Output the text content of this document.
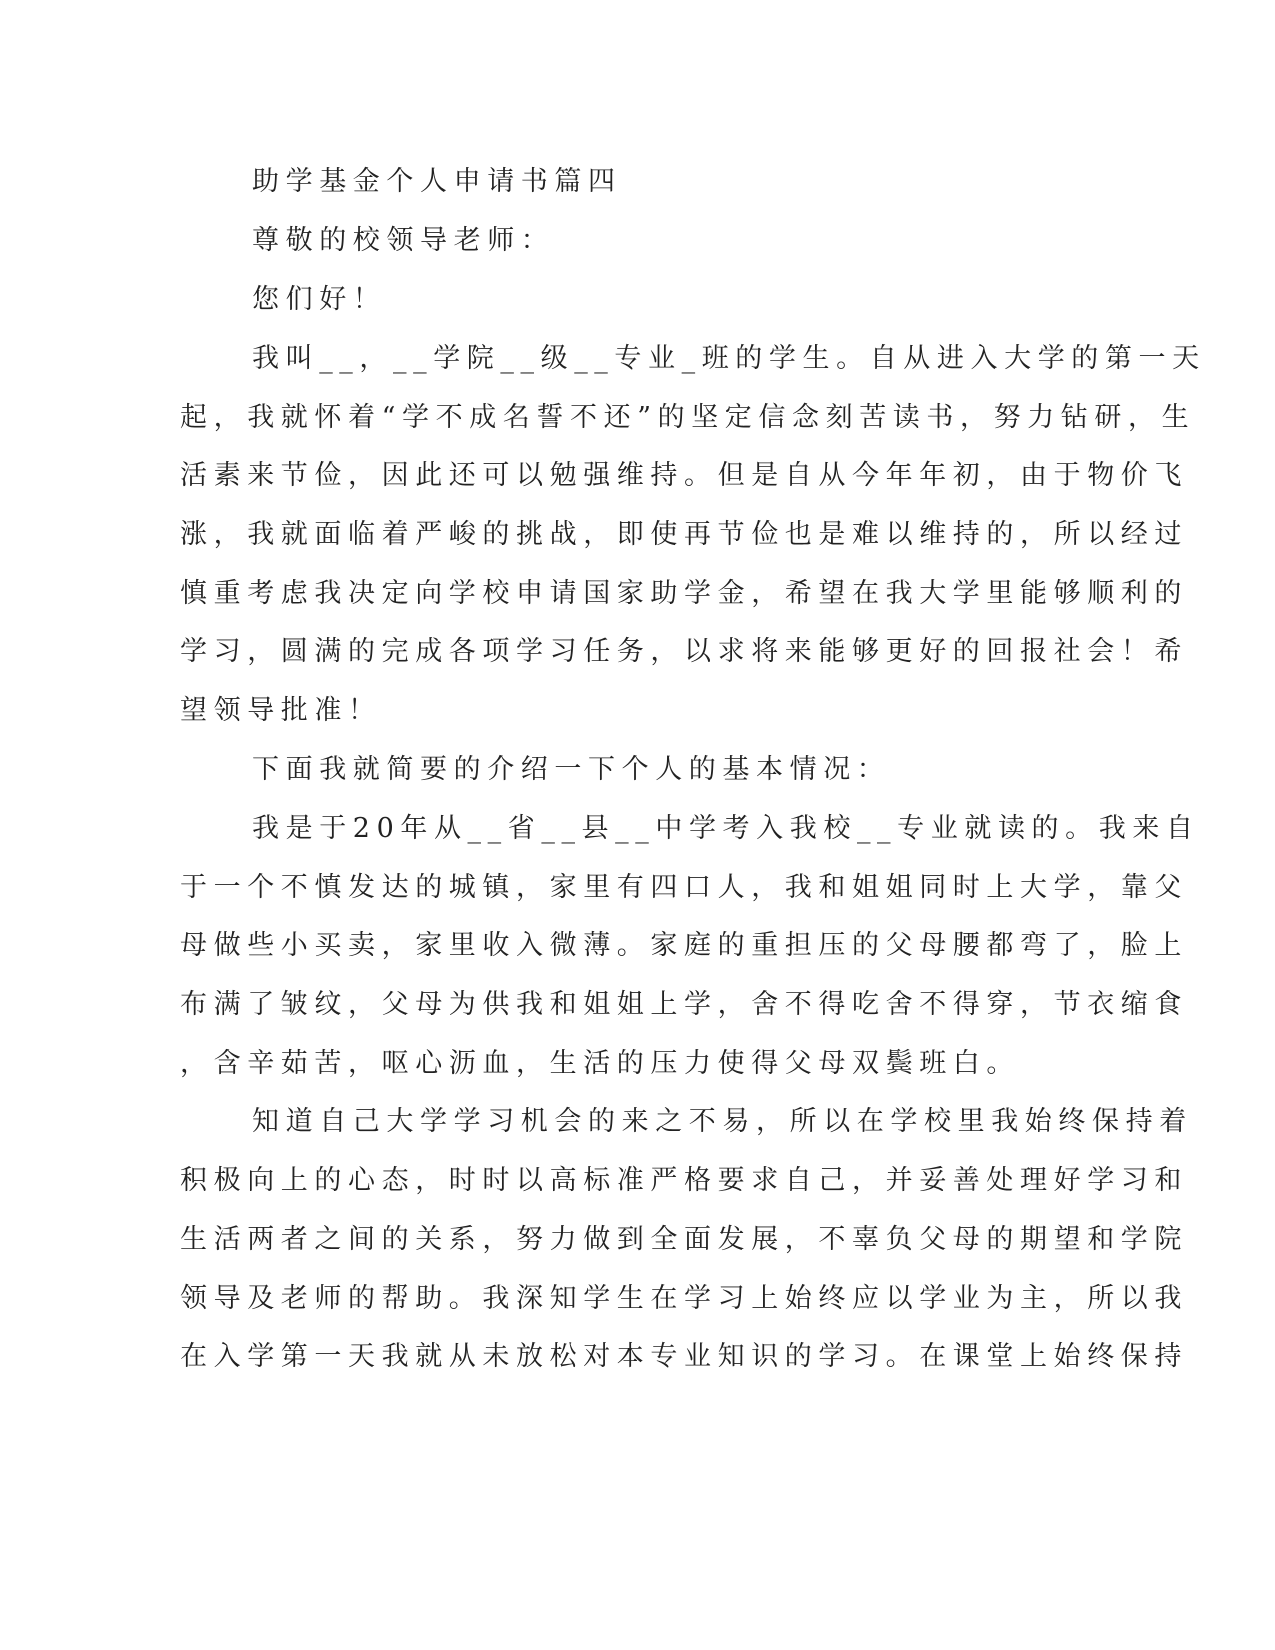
助学基金个人申请书篇四

尊敬的校领导老师：

您们好！

我叫__，__学院__级__专业_班的学生。自从进入大学的第一天

起，我就怀着“学不成名誓不还”的坚定信念刻苦读书，努力钻研，生

活素来节俭，因此还可以勉强维持。但是自从今年年初，由于物价飞

涨，我就面临着严峻的挑战，即使再节俭也是难以维持的，所以经过

慎重考虑我决定向学校申请国家助学金，希望在我大学里能够顺利的

学习，圆满的完成各项学习任务，以求将来能够更好的回报社会！希

望领导批准！

下面我就简要的介绍一下个人的基本情况：

我是于20年从__省__县__中学考入我校__专业就读的。我来自

于一个不慎发达的城镇，家里有四口人，我和姐姐同时上大学，靠父

母做些小买卖，家里收入微薄。家庭的重担压的父母腰都弯了，脸上

布满了皱纹，父母为供我和姐姐上学，舍不得吃舍不得穿，节衣缩食

，含辛茹苦，呕心沥血，生活的压力使得父母双鬓班白。

知道自己大学学习机会的来之不易，所以在学校里我始终保持着

积极向上的心态，时时以高标准严格要求自己，并妥善处理好学习和

生活两者之间的关系，努力做到全面发展，不辜负父母的期望和学院

领导及老师的帮助。我深知学生在学习上始终应以学业为主，所以我

在入学第一天我就从未放松对本专业知识的学习。在课堂上始终保持
